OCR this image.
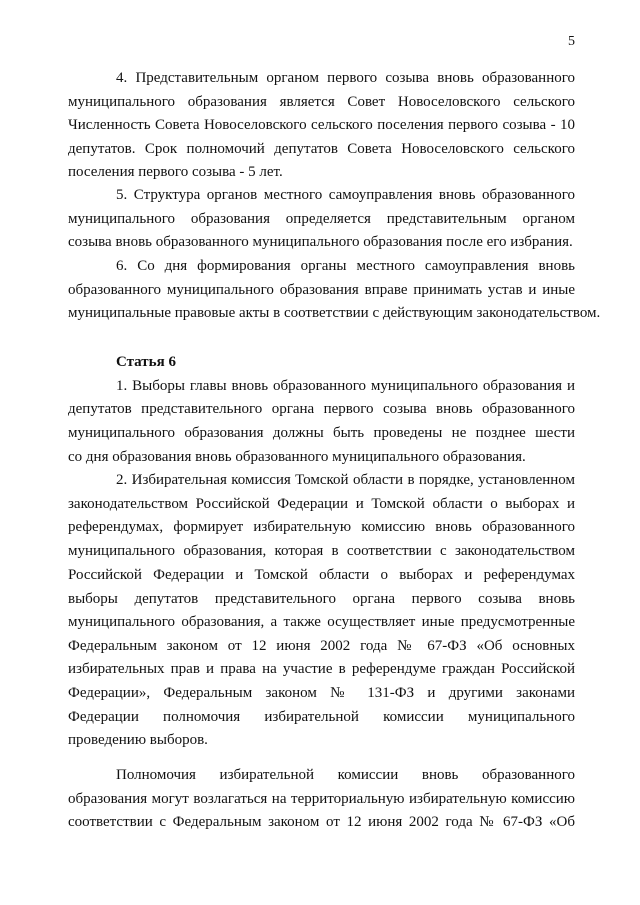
5
4. Представительным органом первого созыва вновь образованного
муниципального образования является Совет Новоселовского сельского
Численность Совета Новоселовского сельского поселения первого созыва - 10
депутатов. Срок полномочий депутатов Совета Новоселовского сельского
поселения первого созыва - 5 лет.
5. Структура органов местного самоуправления вновь образованного
муниципального образования определяется представительным органом
созыва вновь образованного муниципального образования после его избрания.
6. Со дня формирования органы местного самоуправления вновь
образованного муниципального образования вправе принимать устав и иные
муниципальные правовые акты в соответствии с действующим законодательством.
Статья 6
1. Выборы главы вновь образованного муниципального образования и
депутатов представительного органа первого созыва вновь образованного
муниципального образования должны быть проведены не позднее шести
со дня образования вновь образованного муниципального образования.
2. Избирательная комиссия Томской области в порядке, установленном
законодательством Российской Федерации и Томской области о выборах и
референдумах, формирует избирательную комиссию вновь образованного
муниципального образования, которая в соответствии с законодательством
Российской Федерации и Томской области о выборах и референдумах
выборы депутатов представительного органа первого созыва вновь
муниципального образования, а также осуществляет иные предусмотренные
Федеральным законом от 12 июня 2002 года № 67-ФЗ «Об основных
избирательных прав и права на участие в референдуме граждан Российской
Федерации», Федеральным законом № 131-ФЗ и другими законами
Федерации полномочия избирательной комиссии муниципального
проведению выборов.
Полномочия избирательной комиссии вновь образованного
образования могут возлагаться на территориальную избирательную комиссию
соответствии с Федеральным законом от 12 июня 2002 года № 67-ФЗ «Об
